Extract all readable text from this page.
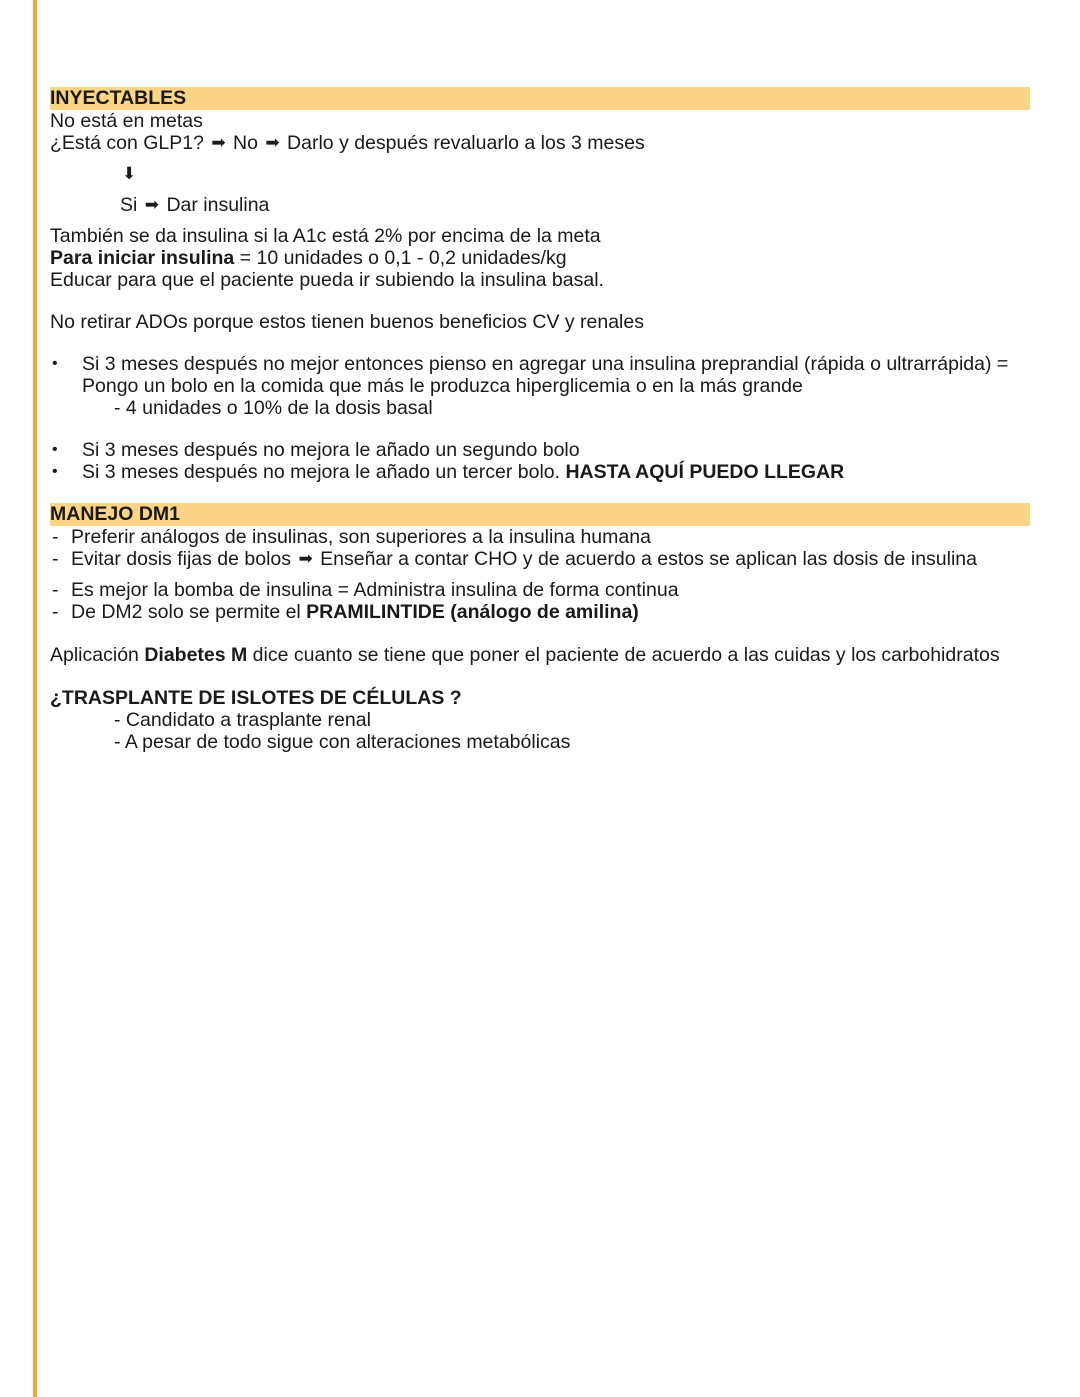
INYECTABLES
No está en metas
¿Está con GLP1? ➡ No ➡ Darlo y después revaluarlo a los 3 meses
⬇
Si ➡ Dar insulina
También se da insulina si la A1c está 2% por encima de la meta
Para iniciar insulina = 10 unidades o 0,1 - 0,2 unidades/kg
Educar para que el paciente pueda ir subiendo la insulina basal.
No retirar ADOs porque estos tienen buenos beneficios CV y renales
• Si 3 meses después no mejor entonces pienso en agregar una insulina preprandial (rápida o ultrarrápida) =
Pongo un bolo en la comida que más le produzca hiperglicemia o en la más grande
- 4 unidades o 10% de la dosis basal
• Si 3 meses después no mejora le añado un segundo bolo
• Si 3 meses después no mejora le añado un tercer bolo. HASTA AQUÍ PUEDO LLEGAR
MANEJO DM1
- Preferir análogos de insulinas, son superiores a la insulina humana
- Evitar dosis fijas de bolos ➡ Enseñar a contar CHO y de acuerdo a estos se aplican las dosis de insulina
- Es mejor la bomba de insulina = Administra insulina de forma continua
- De DM2 solo se permite el PRAMILINTIDE (análogo de amilina)
Aplicación Diabetes M dice cuanto se tiene que poner el paciente de acuerdo a las cuidas y los carbohidratos
¿TRASPLANTE DE ISLOTES DE CÉLULAS ?
- Candidato a trasplante renal
- A pesar de todo sigue con alteraciones metabólicas
